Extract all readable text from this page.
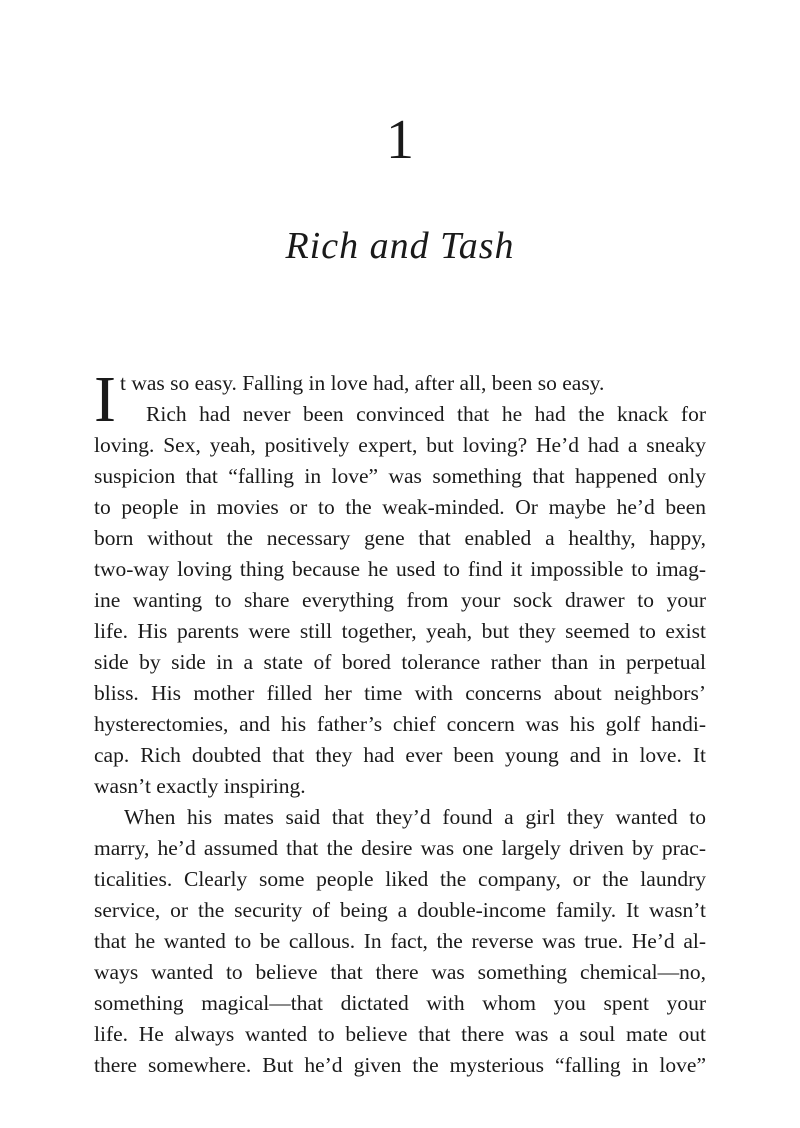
1
Rich and Tash
I t was so easy. Falling in love had, after all, been so easy.
Rich had never been convinced that he had the knack for
loving. Sex, yeah, positively expert, but loving? He’d had a sneaky
suspicion that “falling in love” was something that happened only
to people in movies or to the weak-minded. Or maybe he’d been
born without the necessary gene that enabled a healthy, happy,
two-way loving thing because he used to find it impossible to imag-
ine wanting to share everything from your sock drawer to your
life. His parents were still together, yeah, but they seemed to exist
side by side in a state of bored tolerance rather than in perpetual
bliss. His mother filled her time with concerns about neighbors’
hysterectomies, and his father’s chief concern was his golf handi-
cap. Rich doubted that they had ever been young and in love. It
wasn’t exactly inspiring.
When his mates said that they’d found a girl they wanted to
marry, he’d assumed that the desire was one largely driven by prac-
ticalities. Clearly some people liked the company, or the laundry
service, or the security of being a double-income family. It wasn’t
that he wanted to be callous. In fact, the reverse was true. He’d al-
ways wanted to believe that there was something chemical—no,
something magical—that dictated with whom you spent your
life. He always wanted to believe that there was a soul mate out
there somewhere. But he’d given the mysterious “falling in love”
